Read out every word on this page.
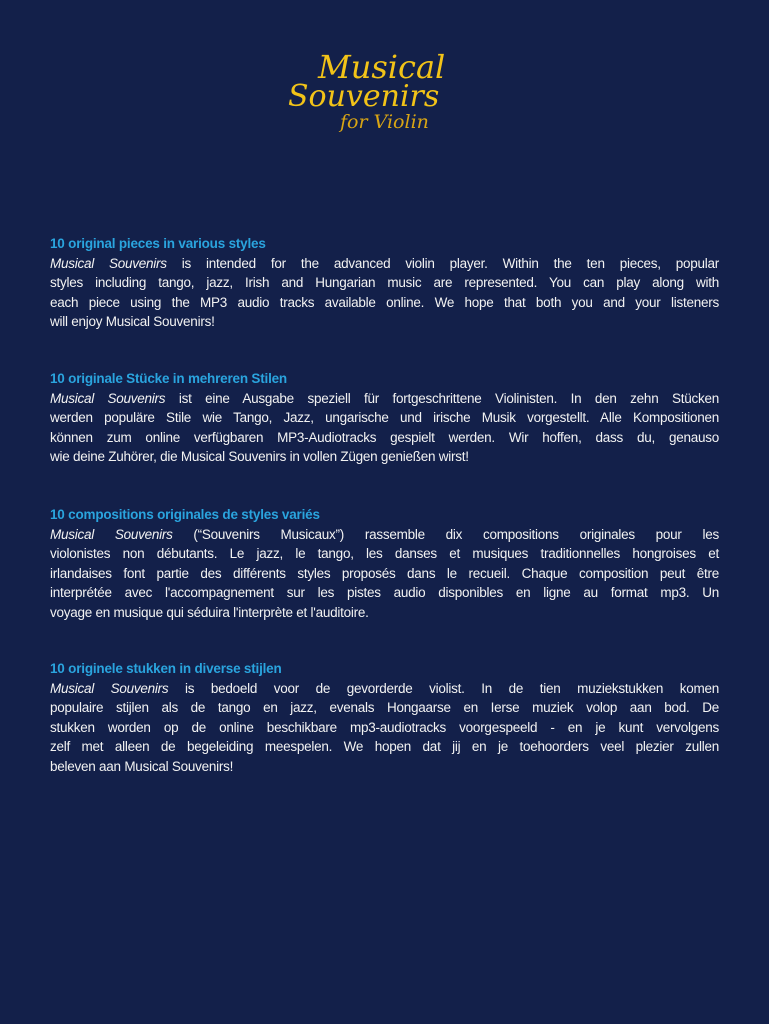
Musical
Souvenirs
for Violin
10 original pieces in various styles
Musical Souvenirs is intended for the advanced violin player. Within the ten pieces, popular
styles including tango, jazz, Irish and Hungarian music are represented. You can play along with
each piece using the MP3 audio tracks available online. We hope that both you and your listeners
will enjoy Musical Souvenirs!
10 originale Stücke in mehreren Stilen
Musical Souvenirs ist eine Ausgabe speziell für fortgeschrittene Violinisten. In den zehn Stücken
werden populäre Stile wie Tango, Jazz, ungarische und irische Musik vorgestellt. Alle Kompositionen
können zum online verfügbaren MP3-Audiotracks gespielt werden. Wir hoffen, dass du, genauso
wie deine Zuhörer, die Musical Souvenirs in vollen Zügen genießen wirst!
10 compositions originales de styles variés
Musical Souvenirs (“Souvenirs Musicaux”) rassemble dix compositions originales pour les
violonistes non débutants. Le jazz, le tango, les danses et musiques traditionnelles hongroises et
irlandaises font partie des différents styles proposés dans le recueil. Chaque composition peut être
interprétée avec l'accompagnement sur les pistes audio disponibles en ligne au format mp3. Un
voyage en musique qui séduira l'interprète et l'auditoire.
10 originele stukken in diverse stijlen
Musical Souvenirs is bedoeld voor de gevorderde violist. In de tien muziekstukken komen
populaire stijlen als de tango en jazz, evenals Hongaarse en Ierse muziek volop aan bod. De
stukken worden op de online beschikbare mp3-audiotracks voorgespeeld - en je kunt vervolgens
zelf met alleen de begeleiding meespelen. We hopen dat jij en je toehoorders veel plezier zullen
beleven aan Musical Souvenirs!
